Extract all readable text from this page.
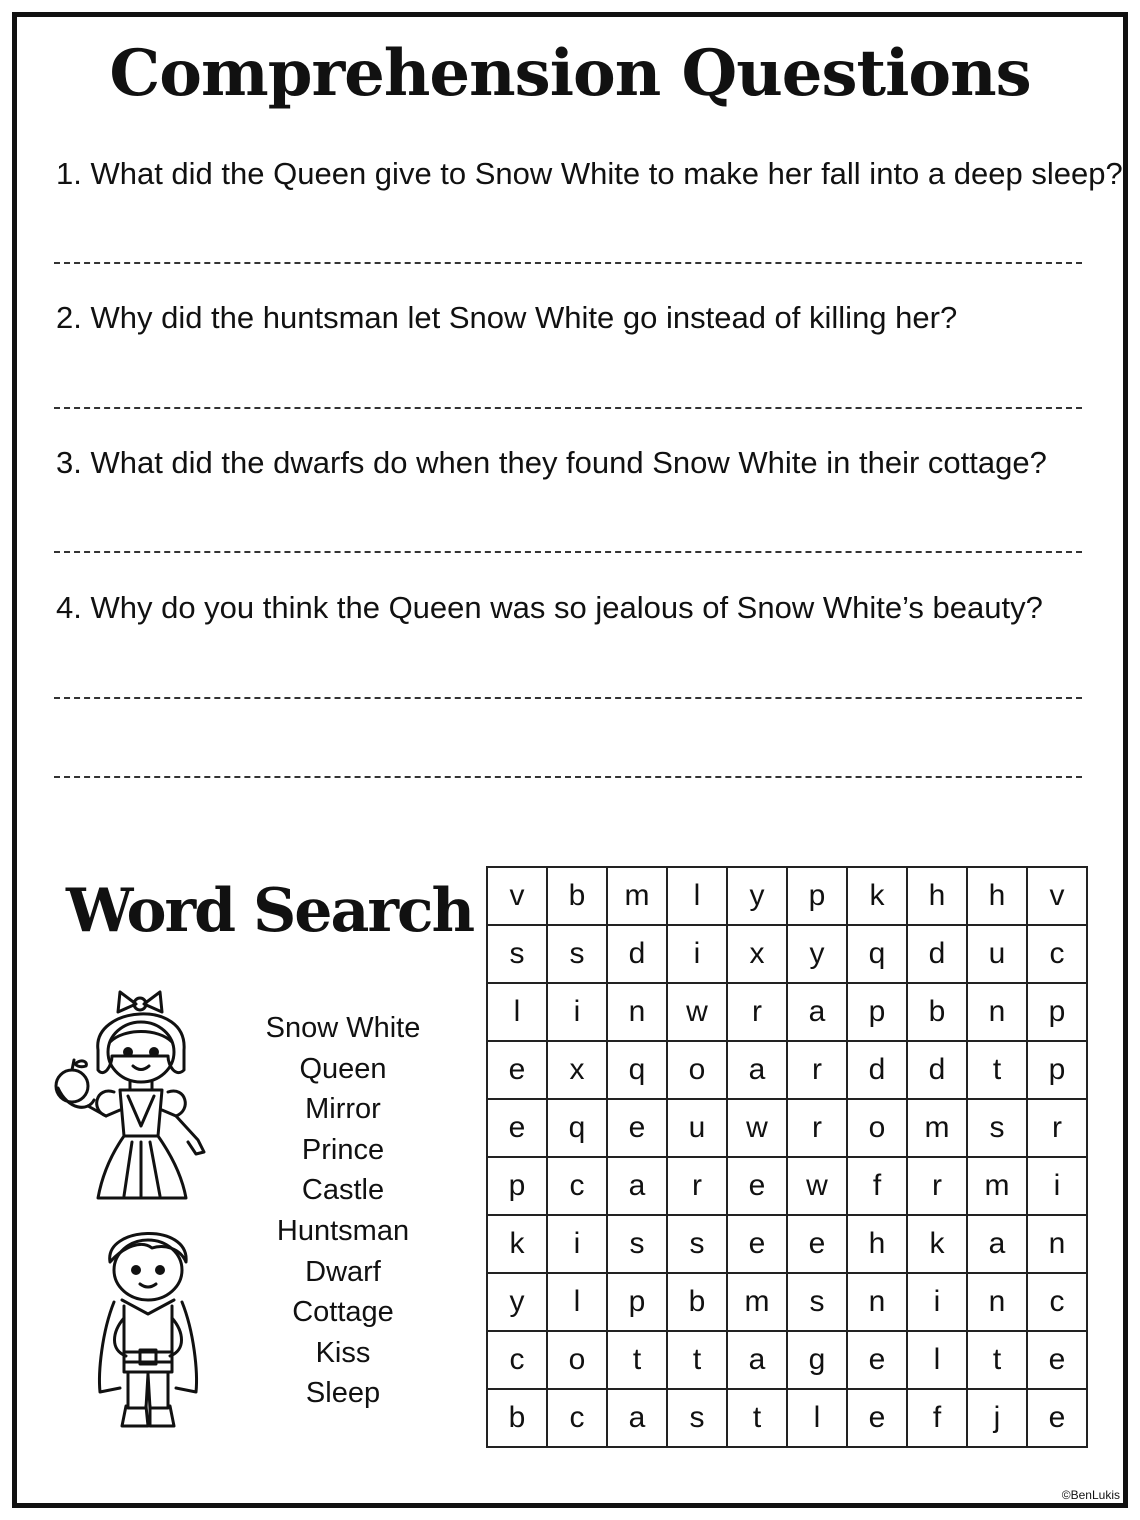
Comprehension Questions
1. What did the Queen give to Snow White to make her fall into a deep sleep?
2. Why did the huntsman let Snow White go instead of killing her?
3. What did the dwarfs do when they found Snow White in their cottage?
4. Why do you think the Queen was so jealous of Snow White’s beauty?
Word Search
Snow White
Queen
Mirror
Prince
Castle
Huntsman
Dwarf
Cottage
Kiss
Sleep
v	b	m	l	y	p	k	h	h	v
s	s	d	i	x	y	q	d	u	c
l	i	n	w	r	a	p	b	n	p
e	x	q	o	a	r	d	d	t	p
e	q	e	u	w	r	o	m	s	r
p	c	a	r	e	w	f	r	m	i
k	i	s	s	e	e	h	k	a	n
y	l	p	b	m	s	n	i	n	c
c	o	t	t	a	g	e	l	t	e
b	c	a	s	t	l	e	f	j	e
©BenLukis
